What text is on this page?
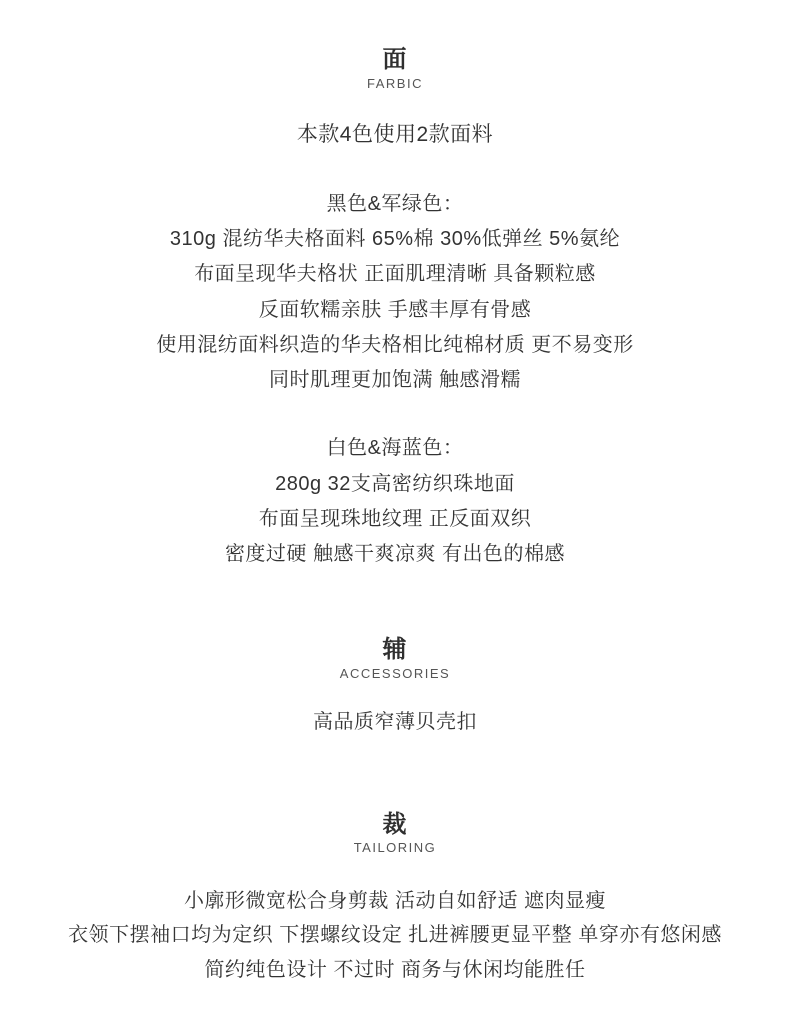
面
FARBIC
本款4色使用2款面料
黑色&军绿色：
310g 混纺华夫格面料 65%棉 30%低弹丝 5%氨纶
布面呈现华夫格状 正面肌理清晰 具备颗粒感
反面软糯亲肤 手感丰厚有骨感
使用混纺面料织造的华夫格相比纯棉材质 更不易变形
同时肌理更加饱满 触感滑糯
白色&海蓝色：
280g 32支高密纺织珠地面
布面呈现珠地纹理 正反面双织
密度过硬 触感干爽凉爽 有出色的棉感
辅
ACCESSORIES
高品质窄薄贝壳扣
裁
TAILORING
小廓形微宽松合身剪裁 活动自如舒适 遮肉显瘦
衣领下摆袖口均为定织 下摆螺纹设定 扎进裤腰更显平整 单穿亦有悠闲感
简约纯色设计 不过时 商务与休闲均能胜任
